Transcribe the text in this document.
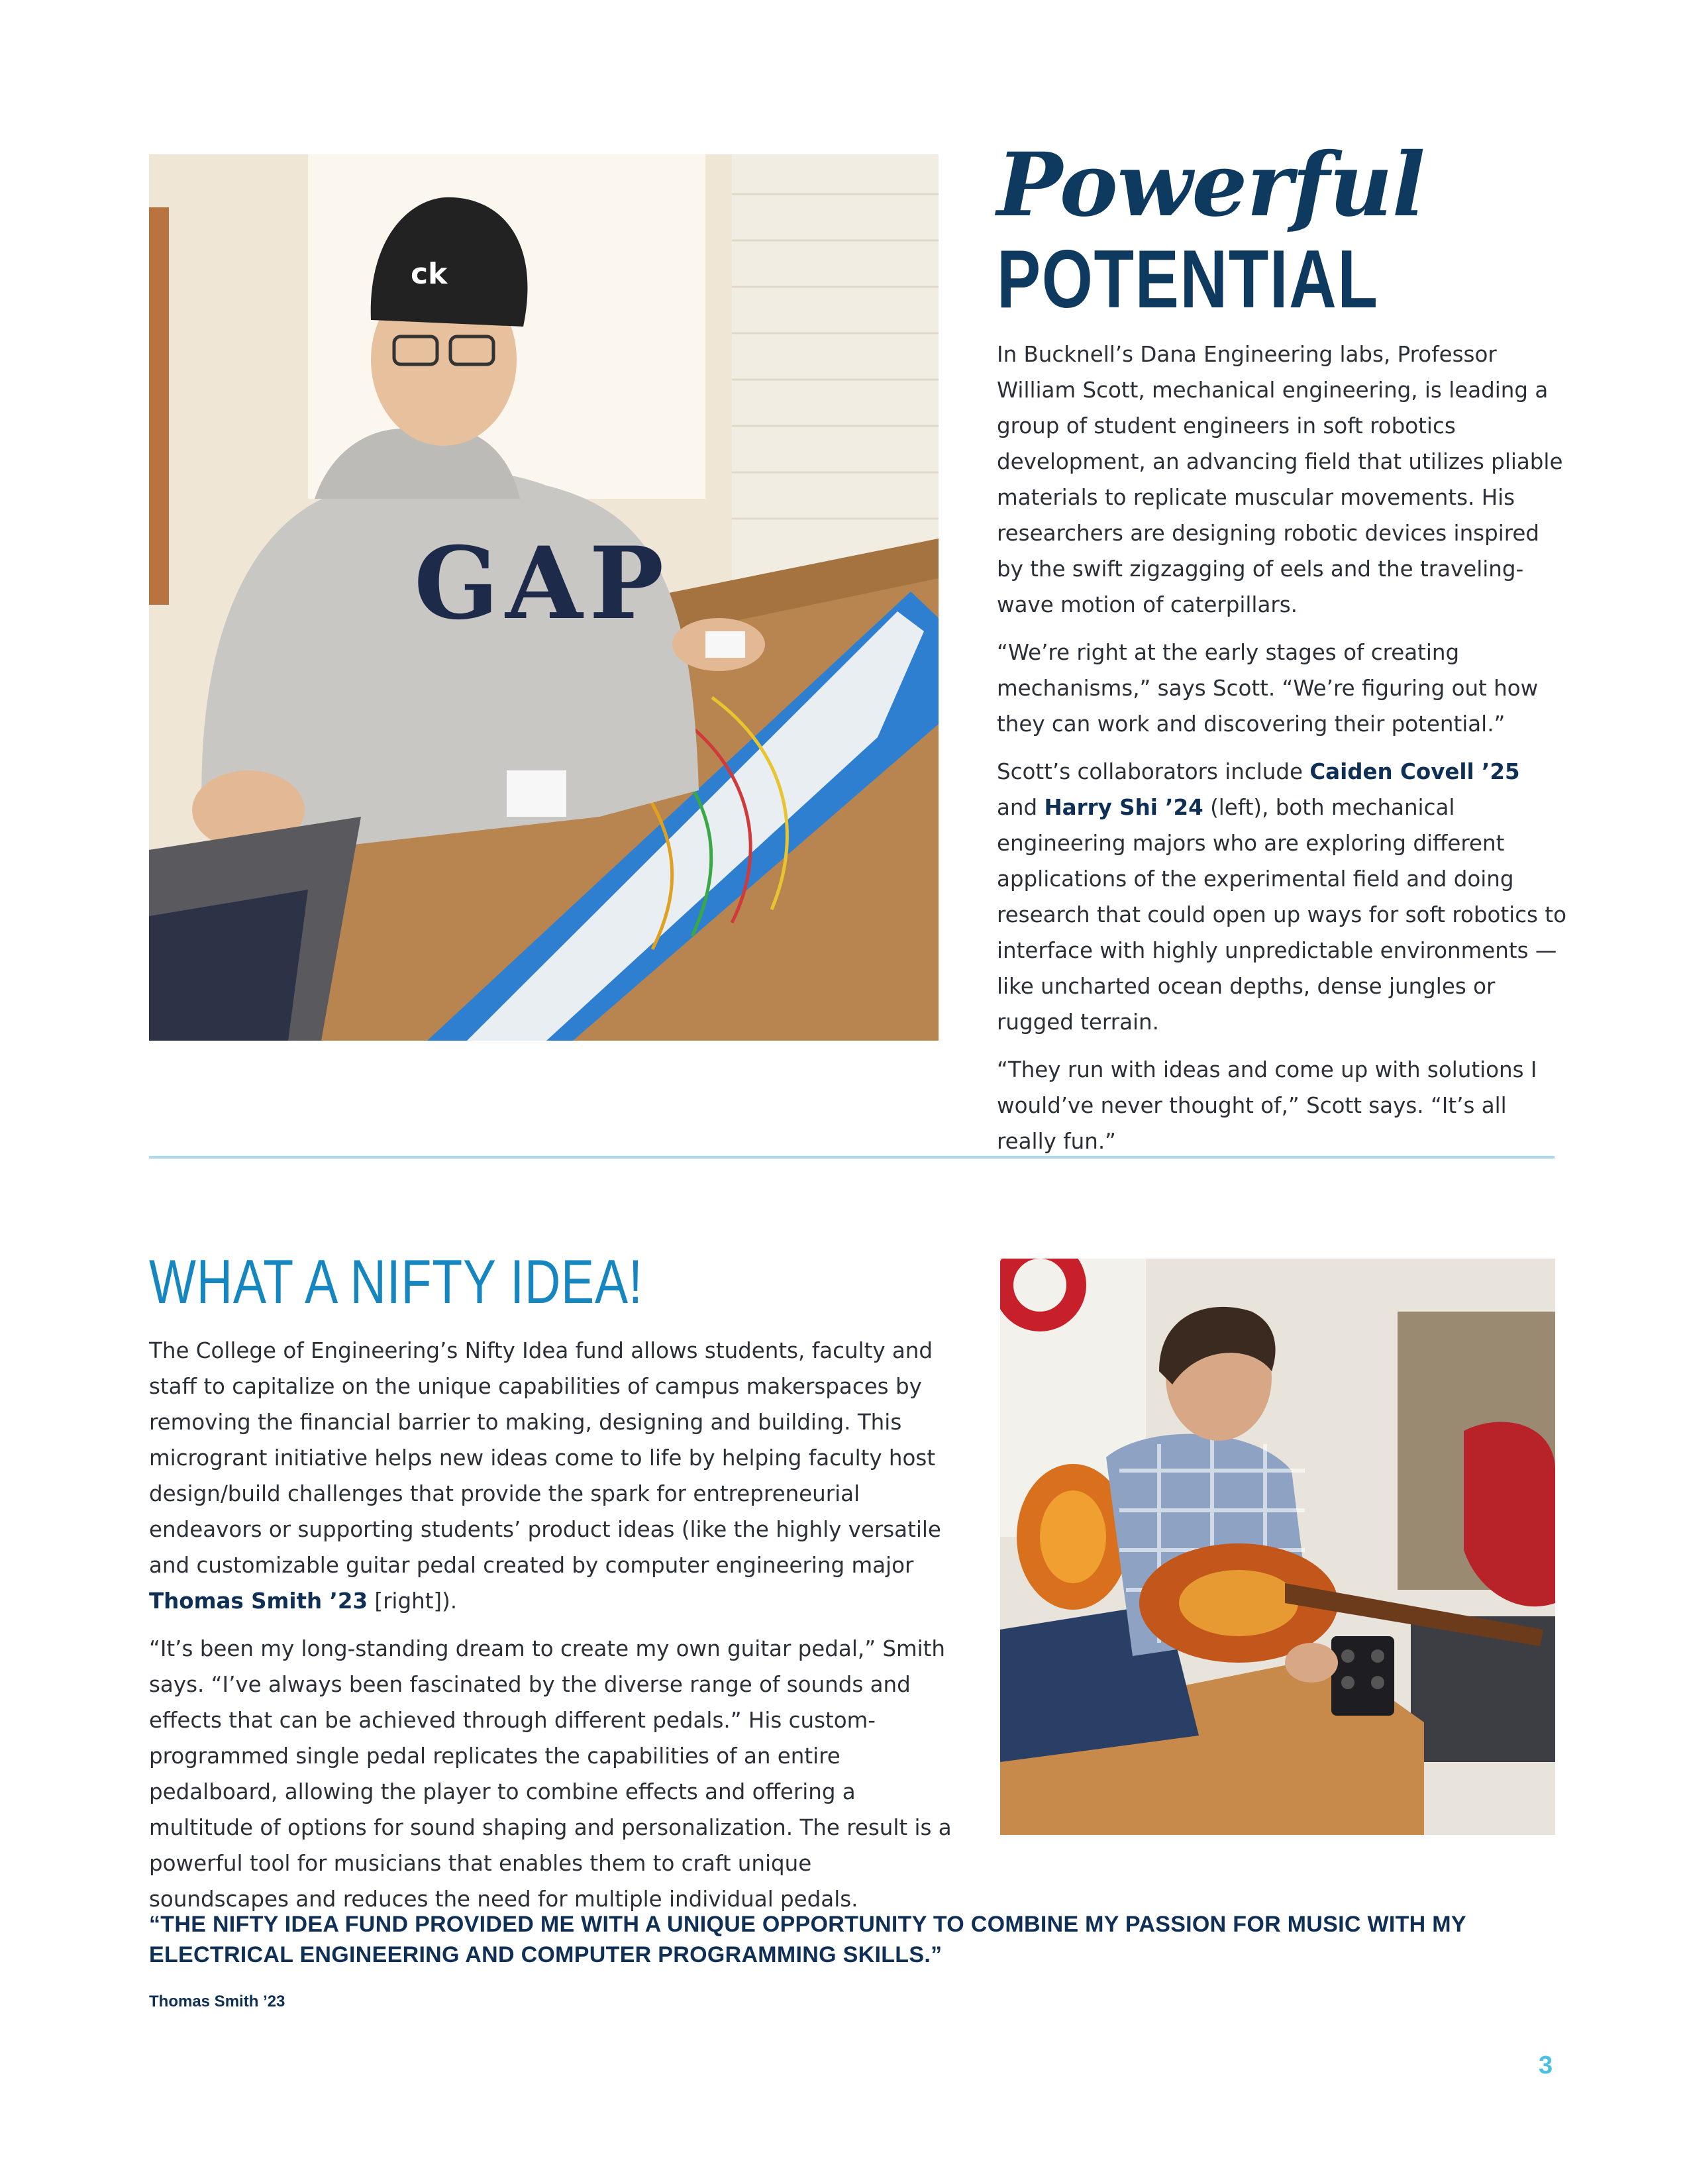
ck
GAP
Powerful
POTENTIAL

In Bucknell’s Dana Engineering labs, Professor William Scott, mechanical engineering, is leading a group of student engineers in soft robotics development, an advancing field that utilizes pliable materials to replicate muscular movements. His researchers are designing robotic devices inspired by the swift zigzagging of eels and the traveling-wave motion of caterpillars.

“We’re right at the early stages of creating mechanisms,” says Scott. “We’re figuring out how they can work and discovering their potential.”

Scott’s collaborators include Caiden Covell ’25 and Harry Shi ’24 (left), both mechanical engineering majors who are exploring different applications of the experimental field and doing research that could open up ways for soft robotics to interface with highly unpredictable environments — like uncharted ocean depths, dense jungles or rugged terrain.

“They run with ideas and come up with solutions I would’ve never thought of,” Scott says. “It’s all really fun.”

WHAT A NIFTY IDEA!

The College of Engineering’s Nifty Idea fund allows students, faculty and staff to capitalize on the unique capabilities of campus makerspaces by removing the financial barrier to making, designing and building. This microgrant initiative helps new ideas come to life by helping faculty host design/build challenges that provide the spark for entrepreneurial endeavors or supporting students’ product ideas (like the highly versatile and customizable guitar pedal created by computer engineering major Thomas Smith ’23 [right]).

“It’s been my long-standing dream to create my own guitar pedal,” Smith says. “I’ve always been fascinated by the diverse range of sounds and effects that can be achieved through different pedals.” His custom-programmed single pedal replicates the capabilities of an entire pedalboard, allowing the player to combine effects and offering a multitude of options for sound shaping and personalization. The result is a powerful tool for musicians that enables them to craft unique soundscapes and reduces the need for multiple individual pedals.

“THE NIFTY IDEA FUND PROVIDED ME WITH A UNIQUE OPPORTUNITY TO COMBINE MY PASSION FOR MUSIC WITH MY ELECTRICAL ENGINEERING AND COMPUTER PROGRAMMING SKILLS.”
Thomas Smith ’23
3
